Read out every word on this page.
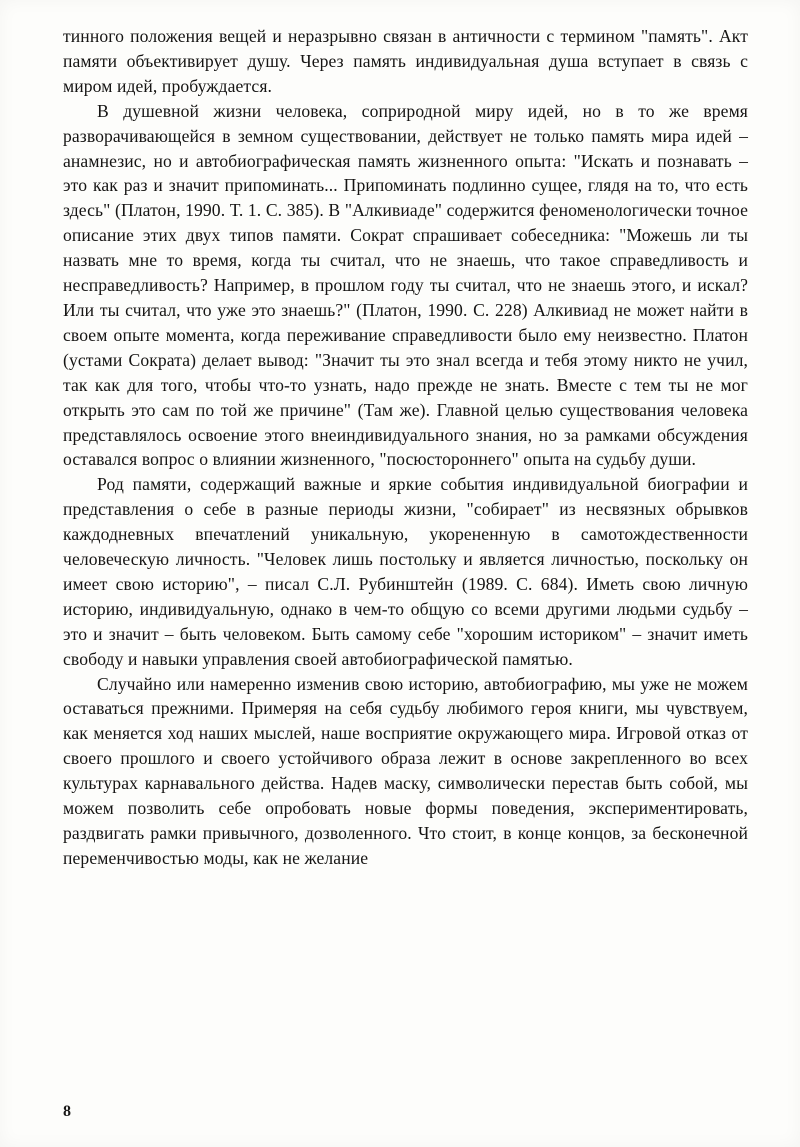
тинного положения вещей и неразрывно связан в античности с термином "память". Акт памяти объективирует душу. Через память индивидуальная душа вступает в связь с миром идей, пробуждается.

В душевной жизни человека, соприродной миру идей, но в то же время разворачивающейся в земном существовании, действует не только память мира идей – анамнезис, но и автобиографическая память жизненного опыта: "Искать и познавать – это как раз и значит припоминать... Припоминать подлинно сущее, глядя на то, что есть здесь" (Платон, 1990. Т. 1. С. 385). В "Алкивиаде" содержится феноменологически точное описание этих двух типов памяти. Сократ спрашивает собеседника: "Можешь ли ты назвать мне то время, когда ты считал, что не знаешь, что такое справедливость и несправедливость? Например, в прошлом году ты считал, что не знаешь этого, и искал? Или ты считал, что уже это знаешь?" (Платон, 1990. С. 228) Алкивиад не может найти в своем опыте момента, когда переживание справедливости было ему неизвестно. Платон (устами Сократа) делает вывод: "Значит ты это знал всегда и тебя этому никто не учил, так как для того, чтобы что-то узнать, надо прежде не знать. Вместе с тем ты не мог открыть это сам по той же причине" (Там же). Главной целью существования человека представлялось освоение этого внеиндивидуального знания, но за рамками обсуждения оставался вопрос о влиянии жизненного, "посюстороннего" опыта на судьбу души.

Род памяти, содержащий важные и яркие события индивидуальной биографии и представления о себе в разные периоды жизни, "собирает" из несвязных обрывков каждодневных впечатлений уникальную, укорененную в самотождественности человеческую личность. "Человек лишь постольку и является личностью, поскольку он имеет свою историю", – писал С.Л. Рубинштейн (1989. С. 684). Иметь свою личную историю, индивидуальную, однако в чем-то общую со всеми другими людьми судьбу – это и значит – быть человеком. Быть самому себе "хорошим историком" – значит иметь свободу и навыки управления своей автобиографической памятью.

Случайно или намеренно изменив свою историю, автобиографию, мы уже не можем оставаться прежними. Примеряя на себя судьбу любимого героя книги, мы чувствуем, как меняется ход наших мыслей, наше восприятие окружающего мира. Игровой отказ от своего прошлого и своего устойчивого образа лежит в основе закрепленного во всех культурах карнавального действа. Надев маску, символически перестав быть собой, мы можем позволить себе опробовать новые формы поведения, экспериментировать, раздвигать рамки привычного, дозволенного. Что стоит, в конце концов, за бесконечной переменчивостью моды, как не желание

8
